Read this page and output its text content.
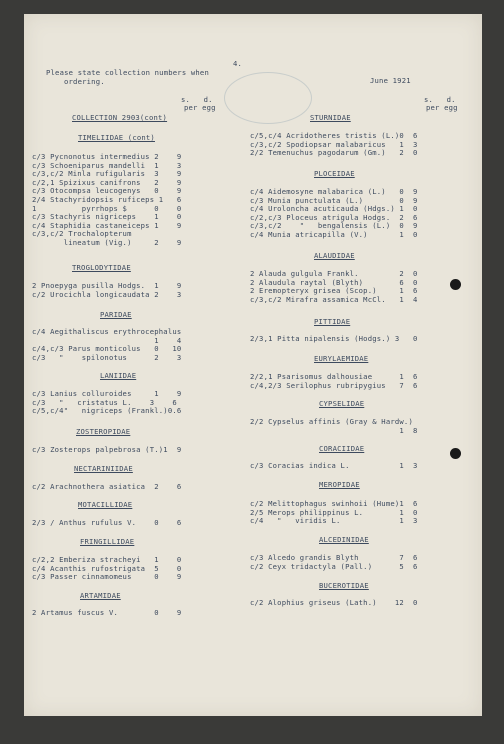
4.
Please state collection numbers when
ordering.	June 1921
s.   d.
per egg
s.   d.
per egg
COLLECTION 2903(cont)
TIMELIIDAE (cont)
c/3 Pycnonotus intermedius 2    9
c/3 Schoeniparus mandelli  1    3
c/3,c/2 Minla rufigularis  3    9
c/2,1 Spizixus canifrons   2    9
c/3 Otocompsa leucogenys   0    9
2/4 Stachyridopsis ruficeps 1   6
1          pyrrhops $      0    0
c/3 Stachyris nigriceps    1    0
c/4 Staphidia castaneiceps 1    9
c/3,c/2 Trochalopterum
lineatum (Vig.)     2    9
TROGLODYTIDAE
2 Pnoepyga pusilla Hodgs.  1    9
c/2 Urocichla longicaudata 2    3
PARIDAE
c/4 Aegithaliscus erythrocephalus
1    4
c/4,c/3 Parus monticolus   0   10
c/3   "    spilonotus      2    3
LANIIDAE
c/3 Lanius colluroides     1    9
c/3   "   cristatus L.    3    6
c/5,c/4"   nigriceps (Frankl.)0.6
ZOSTEROPIDAE
c/3 Zosterops palpebrosa (T.)1  9
NECTARINIIDAE
c/2 Arachnothera asiatica  2    6
MOTACILLIDAE
2/3 / Anthus rufulus V.    0    6
FRINGILLIDAE
c/2,2 Emberiza stracheyi   1    0
c/4 Acanthis rufostrigata  5    0
c/3 Passer cinnamomeus     0    9
ARTAMIDAE
2 Artamus fuscus V.        0    9
STURNIDAE
c/5,c/4 Acridotheres tristis (L.)0  6
c/3,c/2 Spodiopsar malabaricus   1  3
2/2 Temenuchus pagodarum (Gm.)   2  0
PLOCEIDAE
c/4 Aidemosyne malabarica (L.)   0  9
c/3 Munia punctulata (L.)        0  9
c/4 Uroloncha acuticauda (Hdgs.) 1  0
c/2,c/3 Ploceus atrigula Hodgs.  2  6
c/3,c/2    "   bengalensis (L.)  0  9
c/4 Munia atricapilla (V.)       1  0
ALAUDIDAE
2 Alauda gulgula Frankl.         2  0
2 Alaudula raytal (Blyth)        6  0
2 Eremopteryx grisea (Scop.)     1  6
c/3,c/2 Mirafra assamica McCl.   1  4
PITTIDAE
2/3,1 Pitta nipalensis (Hodgs.) 3   0
EURYLAEMIDAE
2/2,1 Psarisomus dalhousiae      1  6
c/4,2/3 Serilophus rubripygius   7  6
CYPSELIDAE
2/2 Cypselus affinis (Gray & Hardw.)
1  8
CORACIIDAE
c/3 Coracias indica L.           1  3
MEROPIDAE
c/2 Melittophagus swinhoii (Hume)1  6
2/5 Merops philippinus L.        1  0
c/4   "   viridis L.             1  3
ALCEDINIDAE
c/3 Alcedo grandis Blyth         7  6
c/2 Ceyx tridactyla (Pall.)      5  6
BUCEROTIDAE
c/2 Alophius griseus (Lath.)    12  0
